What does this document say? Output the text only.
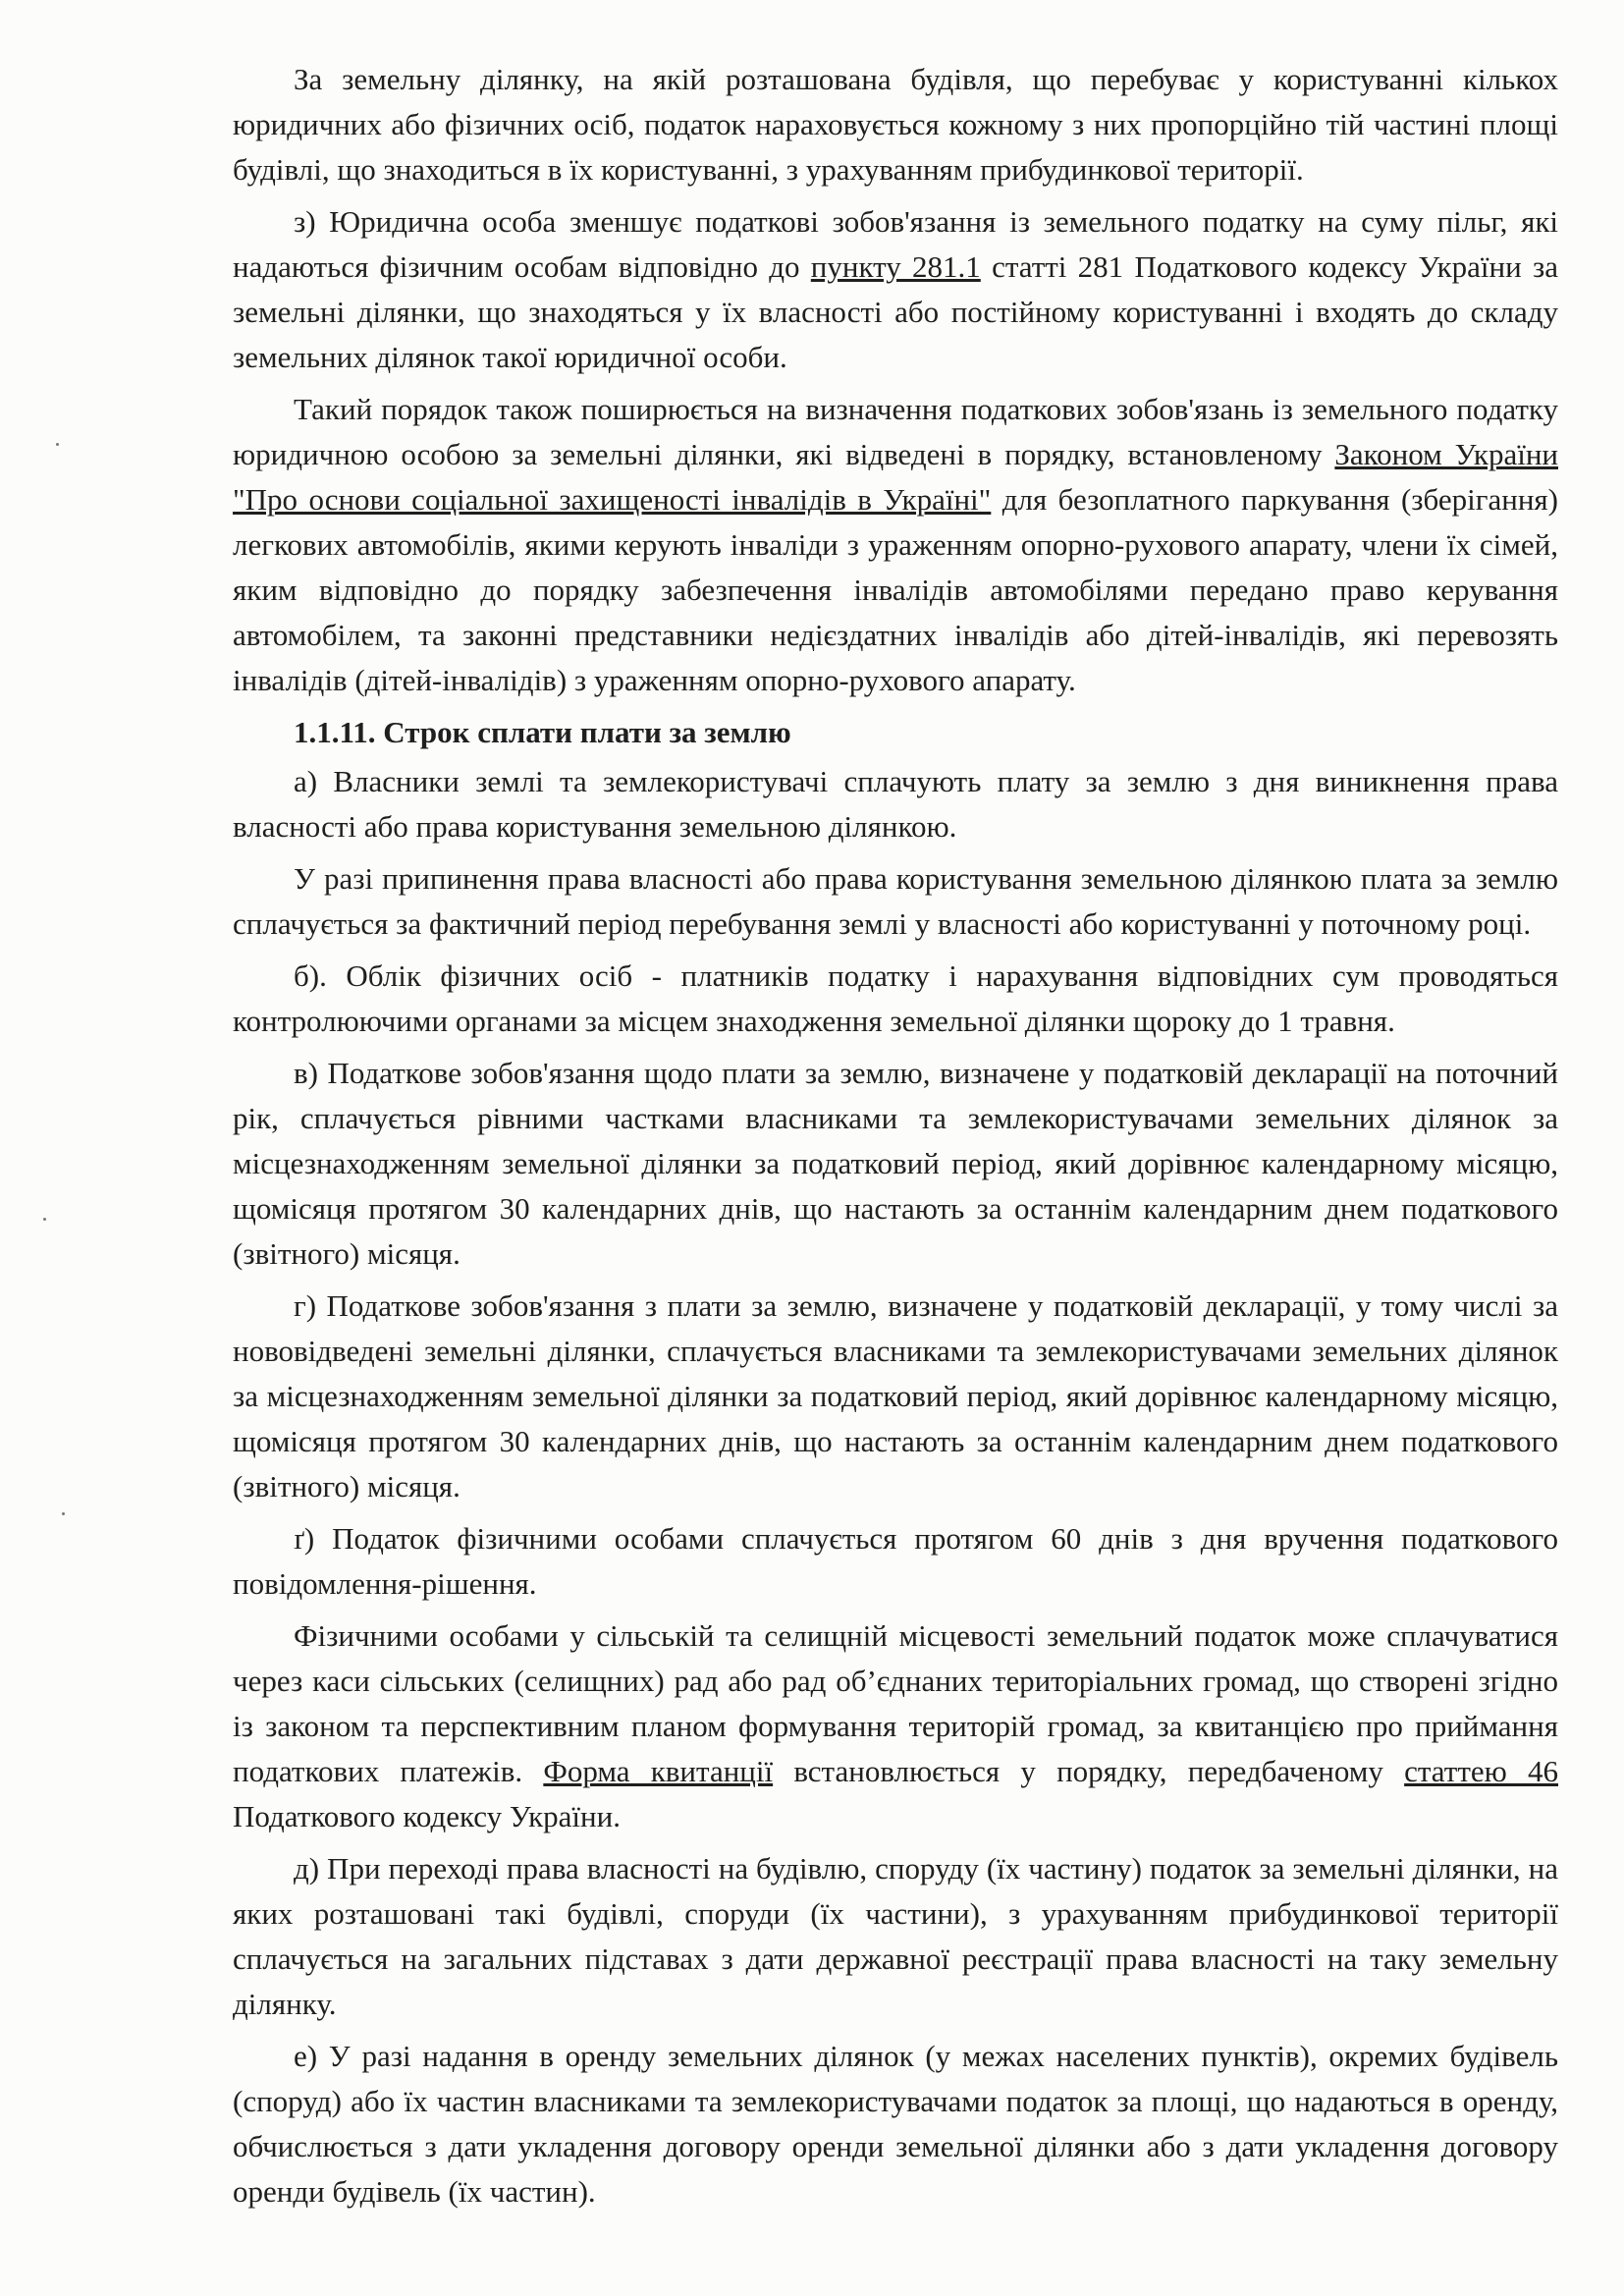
За земельну ділянку, на якій розташована будівля, що перебуває у користуванні кількох юридичних або фізичних осіб, податок нараховується кожному з них пропорційно тій частині площі будівлі, що знаходиться в їх користуванні, з урахуванням прибудинкової території.

з) Юридична особа зменшує податкові зобов'язання із земельного податку на суму пільг, які надаються фізичним особам відповідно до пункту 281.1 статті 281 Податкового кодексу України за земельні ділянки, що знаходяться у їх власності або постійному користуванні і входять до складу земельних ділянок такої юридичної особи.

Такий порядок також поширюється на визначення податкових зобов'язань із земельного податку юридичною особою за земельні ділянки, які відведені в порядку, встановленому Законом України "Про основи соціальної захищеності інвалідів в Україні" для безоплатного паркування (зберігання) легкових автомобілів, якими керують інваліди з ураженням опорно-рухового апарату, члени їх сімей, яким відповідно до порядку забезпечення інвалідів автомобілями передано право керування автомобілем, та законні представники недієздатних інвалідів або дітей-інвалідів, які перевозять інвалідів (дітей-інвалідів) з ураженням опорно-рухового апарату.

1.1.11. Строк сплати плати за землю

а) Власники землі та землекористувачі сплачують плату за землю з дня виникнення права власності або права користування земельною ділянкою.

У разі припинення права власності або права користування земельною ділянкою плата за землю сплачується за фактичний період перебування землі у власності або користуванні у поточному році.

б). Облік фізичних осіб - платників податку і нарахування відповідних сум проводяться контролюючими органами за місцем знаходження земельної ділянки щороку до 1 травня.

в) Податкове зобов'язання щодо плати за землю, визначене у податковій декларації на поточний рік, сплачується рівними частками власниками та землекористувачами земельних ділянок за місцезнаходженням земельної ділянки за податковий період, який дорівнює календарному місяцю, щомісяця протягом 30 календарних днів, що настають за останнім календарним днем податкового (звітного) місяця.

г) Податкове зобов'язання з плати за землю, визначене у податковій декларації, у тому числі за нововідведені земельні ділянки, сплачується власниками та землекористувачами земельних ділянок за місцезнаходженням земельної ділянки за податковий період, який дорівнює календарному місяцю, щомісяця протягом 30 календарних днів, що настають за останнім календарним днем податкового (звітного) місяця.

ґ) Податок фізичними особами сплачується протягом 60 днів з дня вручення податкового повідомлення-рішення.

Фізичними особами у сільській та селищній місцевості земельний податок може сплачуватися через каси сільських (селищних) рад або рад об’єднаних територіальних громад, що створені згідно із законом та перспективним планом формування територій громад, за квитанцією про приймання податкових платежів. Форма квитанції встановлюється у порядку, передбаченому статтею 46 Податкового кодексу України.

д) При переході права власності на будівлю, споруду (їх частину) податок за земельні ділянки, на яких розташовані такі будівлі, споруди (їх частини), з урахуванням прибудинкової території сплачується на загальних підставах з дати державної реєстрації права власності на таку земельну ділянку.

е) У разі надання в оренду земельних ділянок (у межах населених пунктів), окремих будівель (споруд) або їх частин власниками та землекористувачами податок за площі, що надаються в оренду, обчислюється з дати укладення договору оренди земельної ділянки або з дати укладення договору оренди будівель (їх частин).
